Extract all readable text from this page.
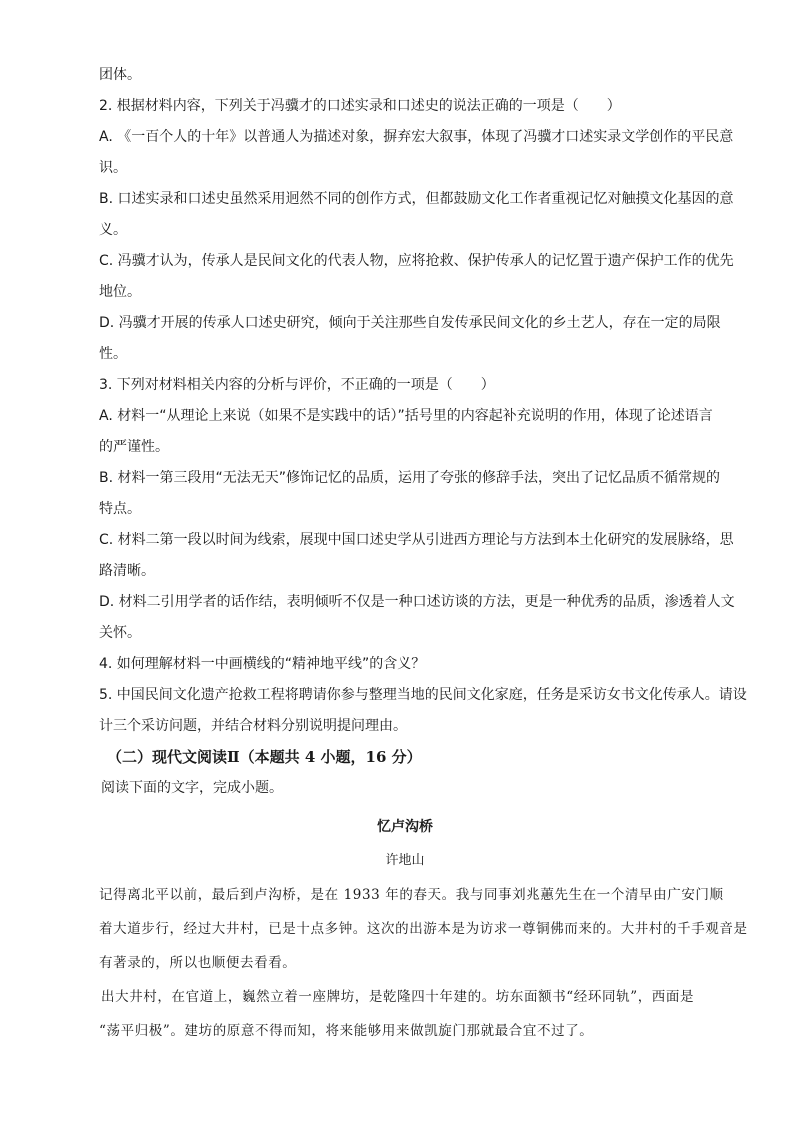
团体。
2. 根据材料内容，下列关于冯骥才的口述实录和口述史的说法正确的一项是（　　）
A. 《一百个人的十年》以普通人为描述对象，摒弃宏大叙事，体现了冯骥才口述实录文学创作的平民意
识。
B. 口述实录和口述史虽然采用迥然不同的创作方式，但都鼓励文化工作者重视记忆对触摸文化基因的意
义。
C. 冯骥才认为，传承人是民间文化的代表人物，应将抢救、保护传承人的记忆置于遗产保护工作的优先
地位。
D. 冯骥才开展的传承人口述史研究，倾向于关注那些自发传承民间文化的乡土艺人，存在一定的局限
性。
3. 下列对材料相关内容的分析与评价，不正确的一项是（　　）
A. 材料一“从理论上来说（如果不是实践中的话）”括号里的内容起补充说明的作用，体现了论述语言
的严谨性。
B. 材料一第三段用“无法无天”修饰记忆的品质，运用了夸张的修辞手法，突出了记忆品质不循常规的
特点。
C. 材料二第一段以时间为线索，展现中国口述史学从引进西方理论与方法到本土化研究的发展脉络，思
路清晰。
D. 材料二引用学者的话作结，表明倾听不仅是一种口述访谈的方法，更是一种优秀的品质，渗透着人文
关怀。
4. 如何理解材料一中画横线的“精神地平线”的含义？
5. 中国民间文化遗产抢救工程将聘请你参与整理当地的民间文化家庭，任务是采访女书文化传承人。请设
计三个采访问题，并结合材料分别说明提问理由。
（二）现代文阅读Ⅱ（本题共 4 小题，16 分）
阅读下面的文字，完成小题。
忆卢沟桥
许地山
记得离北平以前，最后到卢沟桥，是在 1933 年的春天。我与同事刘兆蕙先生在一个清早由广安门顺
着大道步行，经过大井村，已是十点多钟。这次的出游本是为访求一尊铜佛而来的。大井村的千手观音是
有著录的，所以也顺便去看看。
出大井村，在官道上，巍然立着一座牌坊，是乾隆四十年建的。坊东面额书“经环同轨”，西面是
“荡平归极”。建坊的原意不得而知，将来能够用来做凯旋门那就最合宜不过了。
